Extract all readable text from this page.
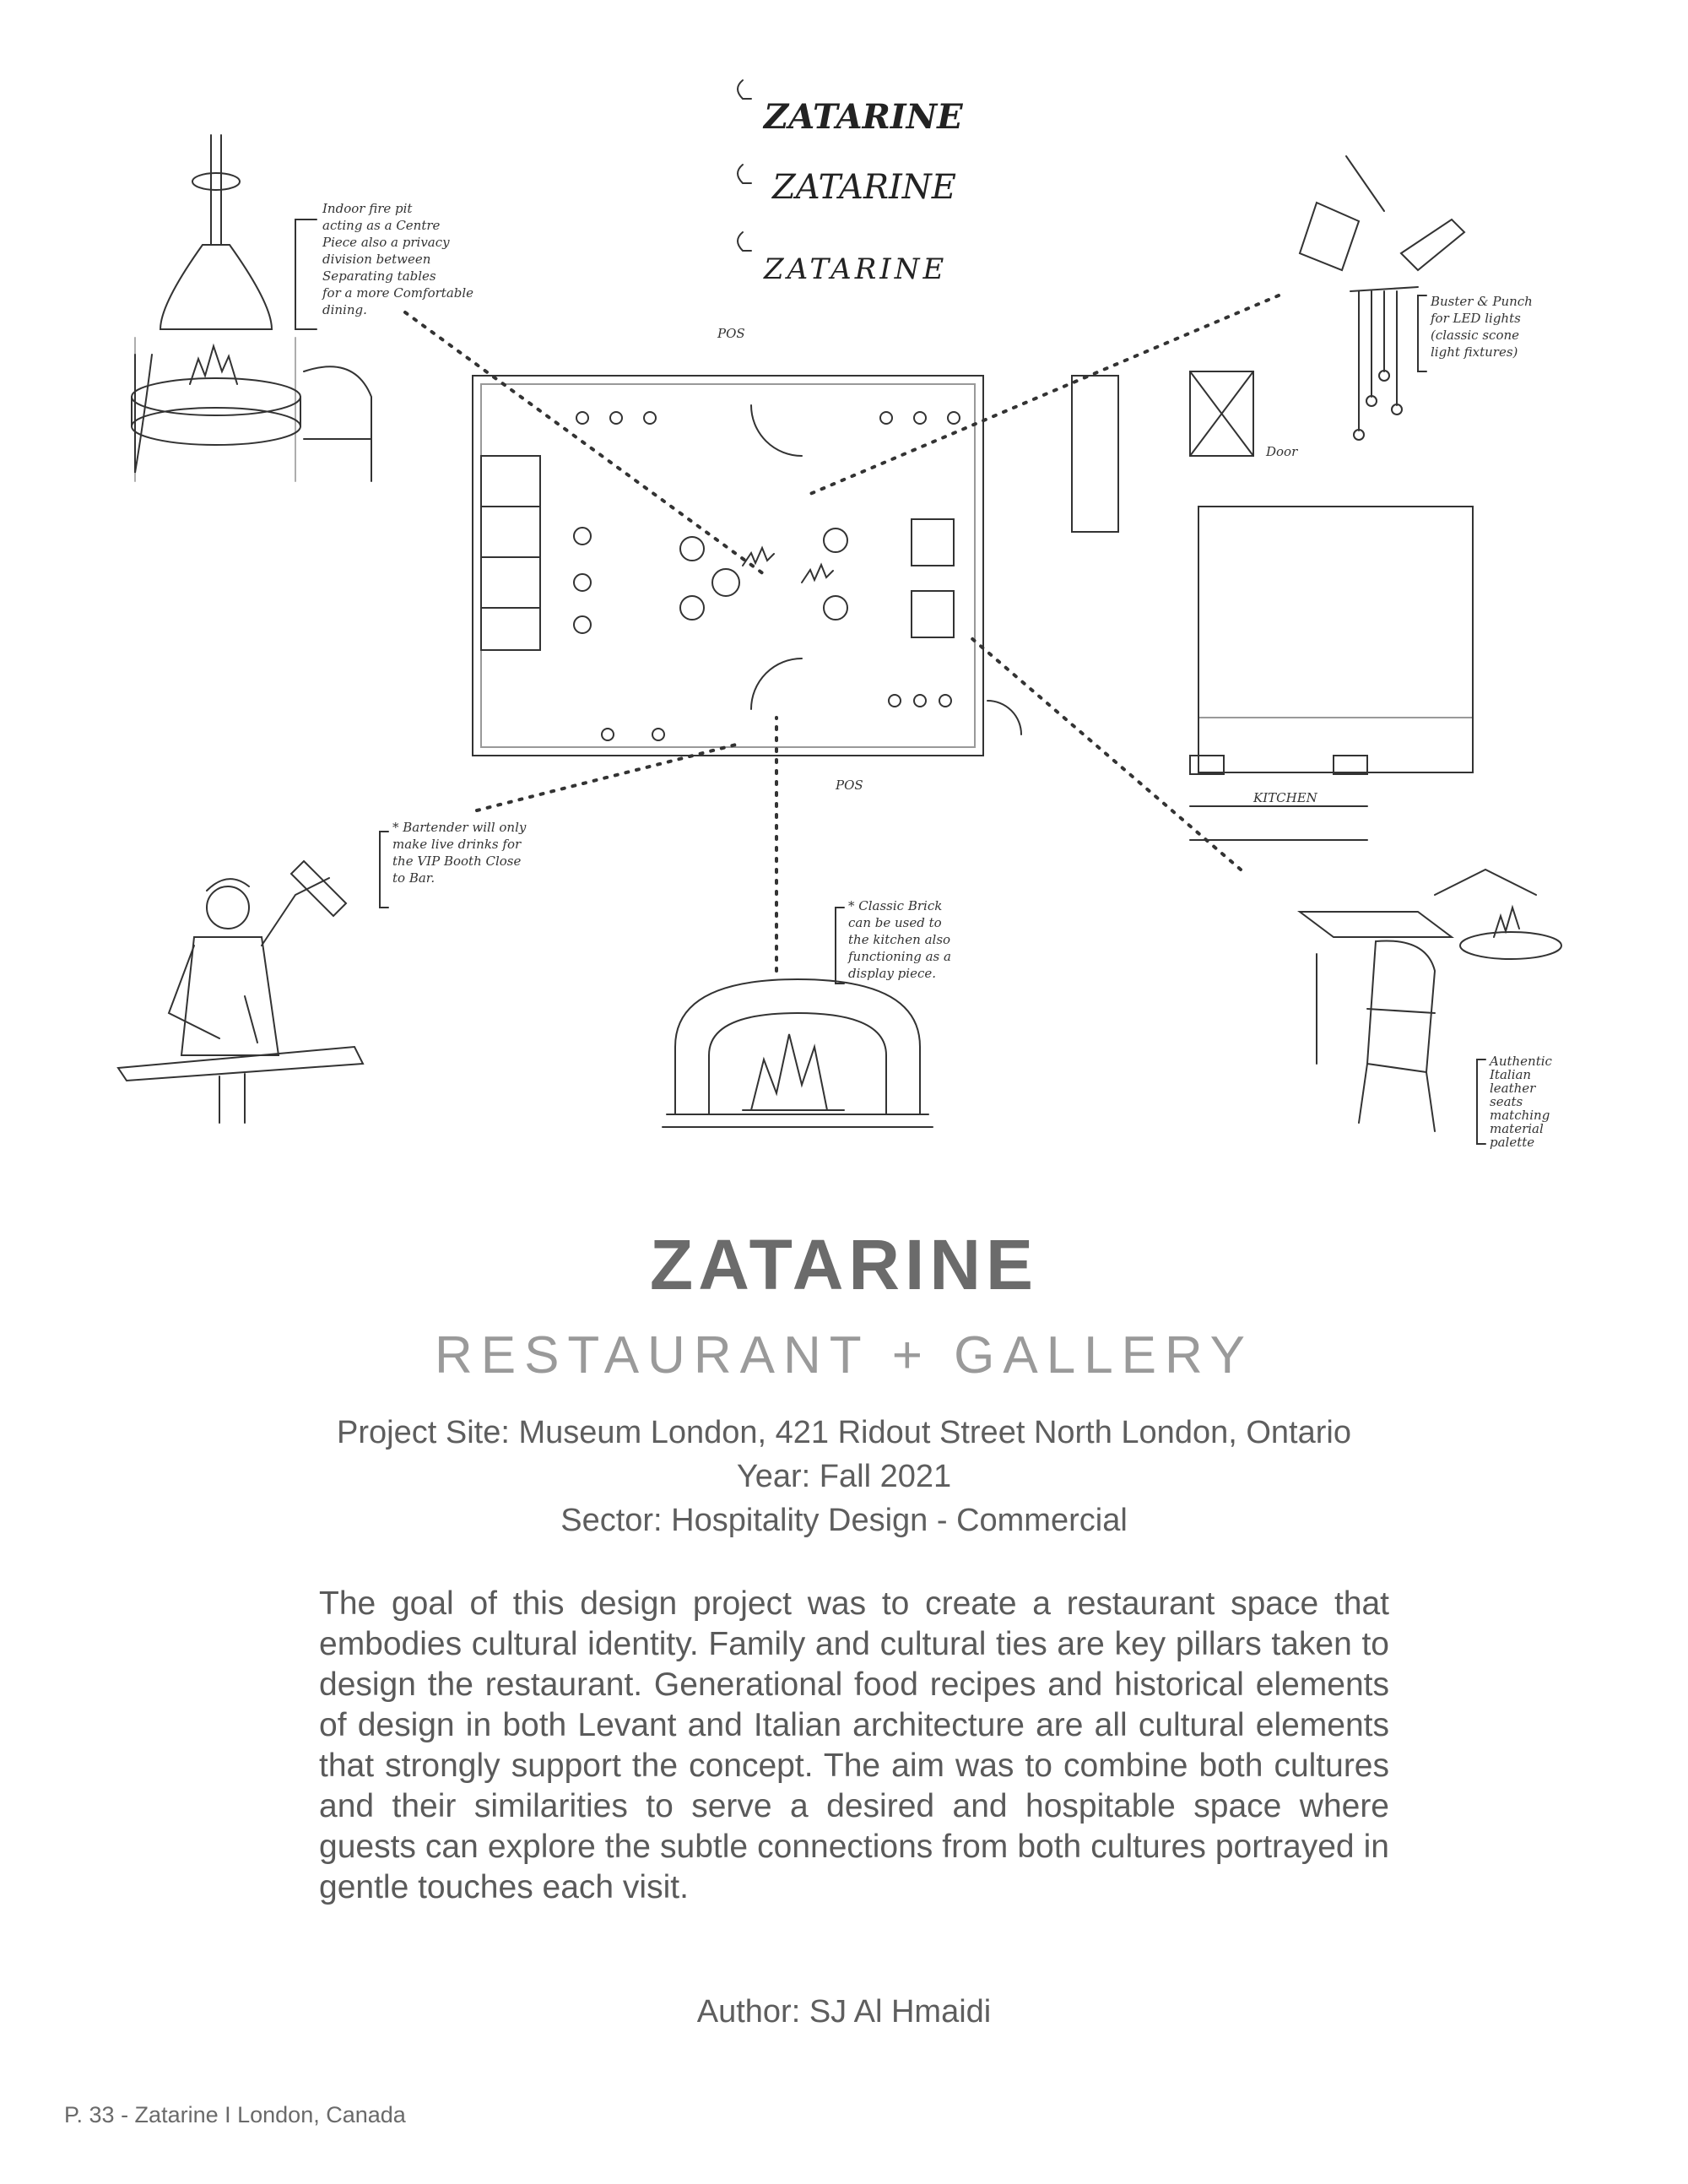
ZATARINE
ZATARINE
ZATARINE
Indoor fire pit
acting as a Centre
Piece also a privacy
division between
Separating tables
for a more Comfortable
dining.
Buster & Punch
for LED lights
(classic scone
light fixtures)
POS
POS
KITCHEN
Door
* Bartender will only
make live drinks for
the VIP Booth Close
to Bar.
* Classic Brick
can be used to
the kitchen also
functioning as a
display piece.
Authentic
Italian
leather
seats
matching
material
palette
ZATARINE
RESTAURANT + GALLERY
Project Site: Museum London, 421 Ridout Street North London, Ontario
Year: Fall 2021
Sector: Hospitality Design - Commercial
The goal of this design project was to create a restaurant space that embodies cultural identity. Family and cultural ties are key pillars taken to design the restaurant. Generational food recipes and historical elements of design in both Levant and Italian architecture are all cultural elements that strongly support the concept. The aim was to combine both cultures and their similarities to serve a desired and hospitable space where guests can explore the subtle connections from both cultures portrayed in gentle touches each visit.
Author: SJ Al Hmaidi
P. 33 - Zatarine I London, Canada
